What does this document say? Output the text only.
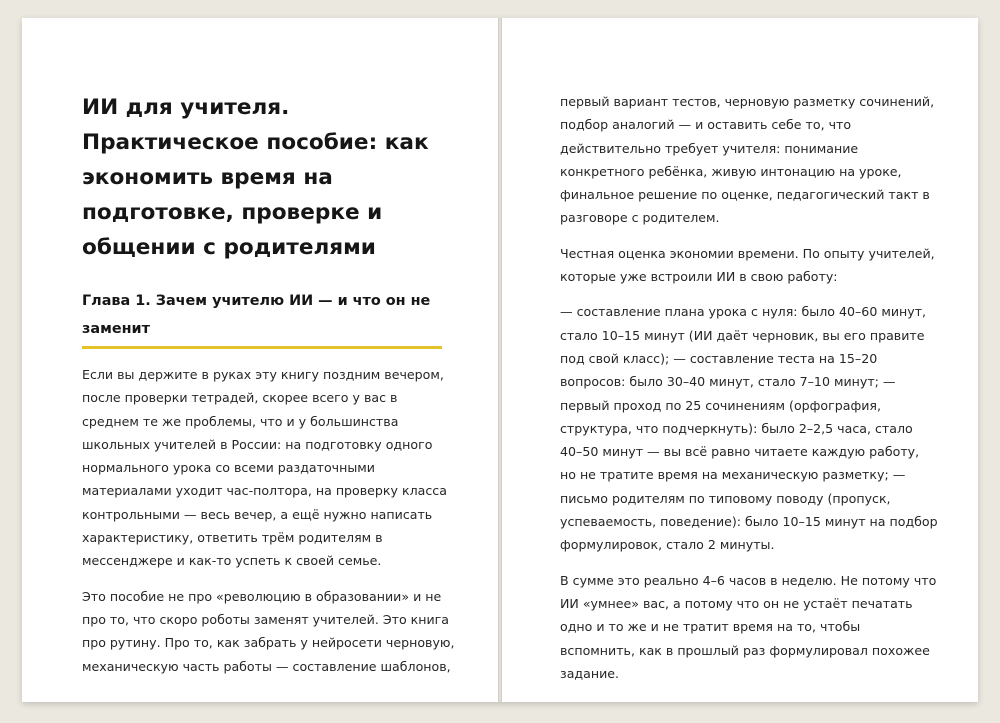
ИИ для учителя. Практическое пособие: как экономить время на подготовке, проверке и общении с родителями
Глава 1. Зачем учителю ИИ — и что он не заменит

Если вы держите в руках эту книгу поздним вечером, после проверки тетрадей, скорее всего у вас в среднем те же проблемы, что и у большинства школьных учителей в России: на подготовку одного нормального урока со всеми раздаточными материалами уходит час-полтора, на проверку класса контрольными — весь вечер, а ещё нужно написать характеристику, ответить трём родителям в мессенджере и как-то успеть к своей семье.

Это пособие не про «революцию в образовании» и не про то, что скоро роботы заменят учителей. Это книга про рутину. Про то, как забрать у нейросети черновую, механическую часть работы — составление шаблонов,

первый вариант тестов, черновую разметку сочинений, подбор аналогий — и оставить себе то, что действительно требует учителя: понимание конкретного ребёнка, живую интонацию на уроке, финальное решение по оценке, педагогический такт в разговоре с родителем.

Честная оценка экономии времени. По опыту учителей, которые уже встроили ИИ в свою работу:

— составление плана урока с нуля: было 40–60 минут, стало 10–15 минут (ИИ даёт черновик, вы его правите под свой класс); — составление теста на 15–20 вопросов: было 30–40 минут, стало 7–10 минут; — первый проход по 25 сочинениям (орфография, структура, что подчеркнуть): было 2–2,5 часа, стало 40–50 минут — вы всё равно читаете каждую работу, но не тратите время на механическую разметку; — письмо родителям по типовому поводу (пропуск, успеваемость, поведение): было 10–15 минут на подбор формулировок, стало 2 минуты.

В сумме это реально 4–6 часов в неделю. Не потому что ИИ «умнее» вас, а потому что он не устаёт печатать одно и то же и не тратит время на то, чтобы вспомнить, как в прошлый раз формулировал похожее задание.
